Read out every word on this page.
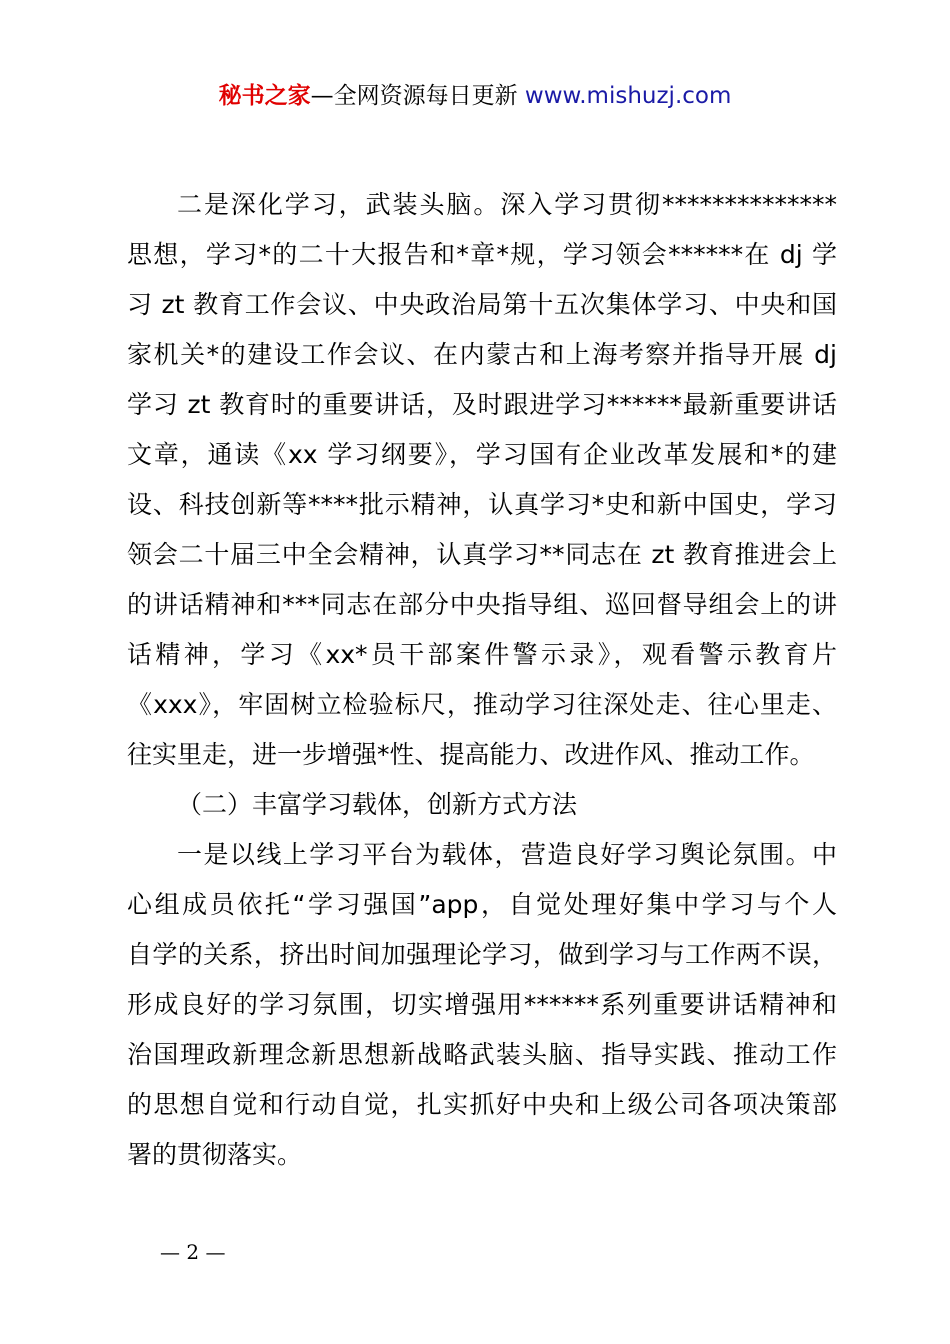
秘书之家—全网资源每日更新 www.mishuzj.com
二是深化学习，武装头脑。深入学习贯彻**************
思想，学习*的二十大报告和*章*规，学习领会******在 dj 学
习 zt 教育工作会议、中央政治局第十五次集体学习、中央和国
家机关*的建设工作会议、在内蒙古和上海考察并指导开展 dj
学习 zt 教育时的重要讲话，及时跟进学习******最新重要讲话
文章，通读《xx 学习纲要》，学习国有企业改革发展和*的建
设、科技创新等****批示精神，认真学习*史和新中国史，学习
领会二十届三中全会精神，认真学习**同志在 zt 教育推进会上
的讲话精神和***同志在部分中央指导组、巡回督导组会上的讲
话精神，学习《xx*员干部案件警示录》，观看警示教育片
《xxx》，牢固树立检验标尺，推动学习往深处走、往心里走、
往实里走，进一步增强*性、提高能力、改进作风、推动工作。
（二）丰富学习载体，创新方式方法
一是以线上学习平台为载体，营造良好学习舆论氛围。中
心组成员依托“学习强国”app，自觉处理好集中学习与个人
自学的关系，挤出时间加强理论学习，做到学习与工作两不误，
形成良好的学习氛围，切实增强用******系列重要讲话精神和
治国理政新理念新思想新战略武装头脑、指导实践、推动工作
的思想自觉和行动自觉，扎实抓好中央和上级公司各项决策部
署的贯彻落实。
— 2 —
